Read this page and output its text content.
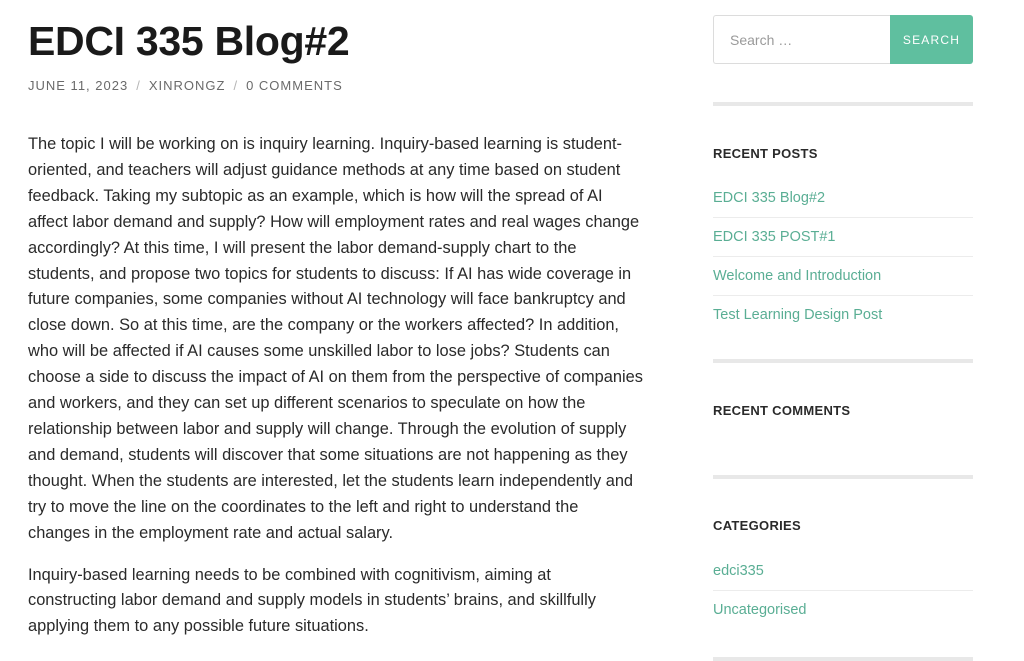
EDCI 335 Blog#2
JUNE 11, 2023 / XINRONGZ / 0 COMMENTS

The topic I will be working on is inquiry learning. Inquiry-based learning is student-oriented, and teachers will adjust guidance methods at any time based on student feedback. Taking my subtopic as an example, which is how will the spread of AI affect labor demand and supply? How will employment rates and real wages change accordingly? At this time, I will present the labor demand-supply chart to the students, and propose two topics for students to discuss: If AI has wide coverage in future companies, some companies without AI technology will face bankruptcy and close down. So at this time, are the company or the workers affected? In addition, who will be affected if AI causes some unskilled labor to lose jobs? Students can choose a side to discuss the impact of AI on them from the perspective of companies and workers, and they can set up different scenarios to speculate on how the relationship between labor and supply will change. Through the evolution of supply and demand, students will discover that some situations are not happening as they thought. When the students are interested, let the students learn independently and try to move the line on the coordinates to the left and right to understand the changes in the employment rate and actual salary.

Inquiry-based learning needs to be combined with cognitivism, aiming at constructing labor demand and supply models in students’ brains, and skillfully applying them to any possible future situations.

Search …
SEARCH
RECENT POSTS
EDCI 335 Blog#2
EDCI 335 POST#1
Welcome and Introduction
Test Learning Design Post
RECENT COMMENTS
CATEGORIES
edci335
Uncategorised
